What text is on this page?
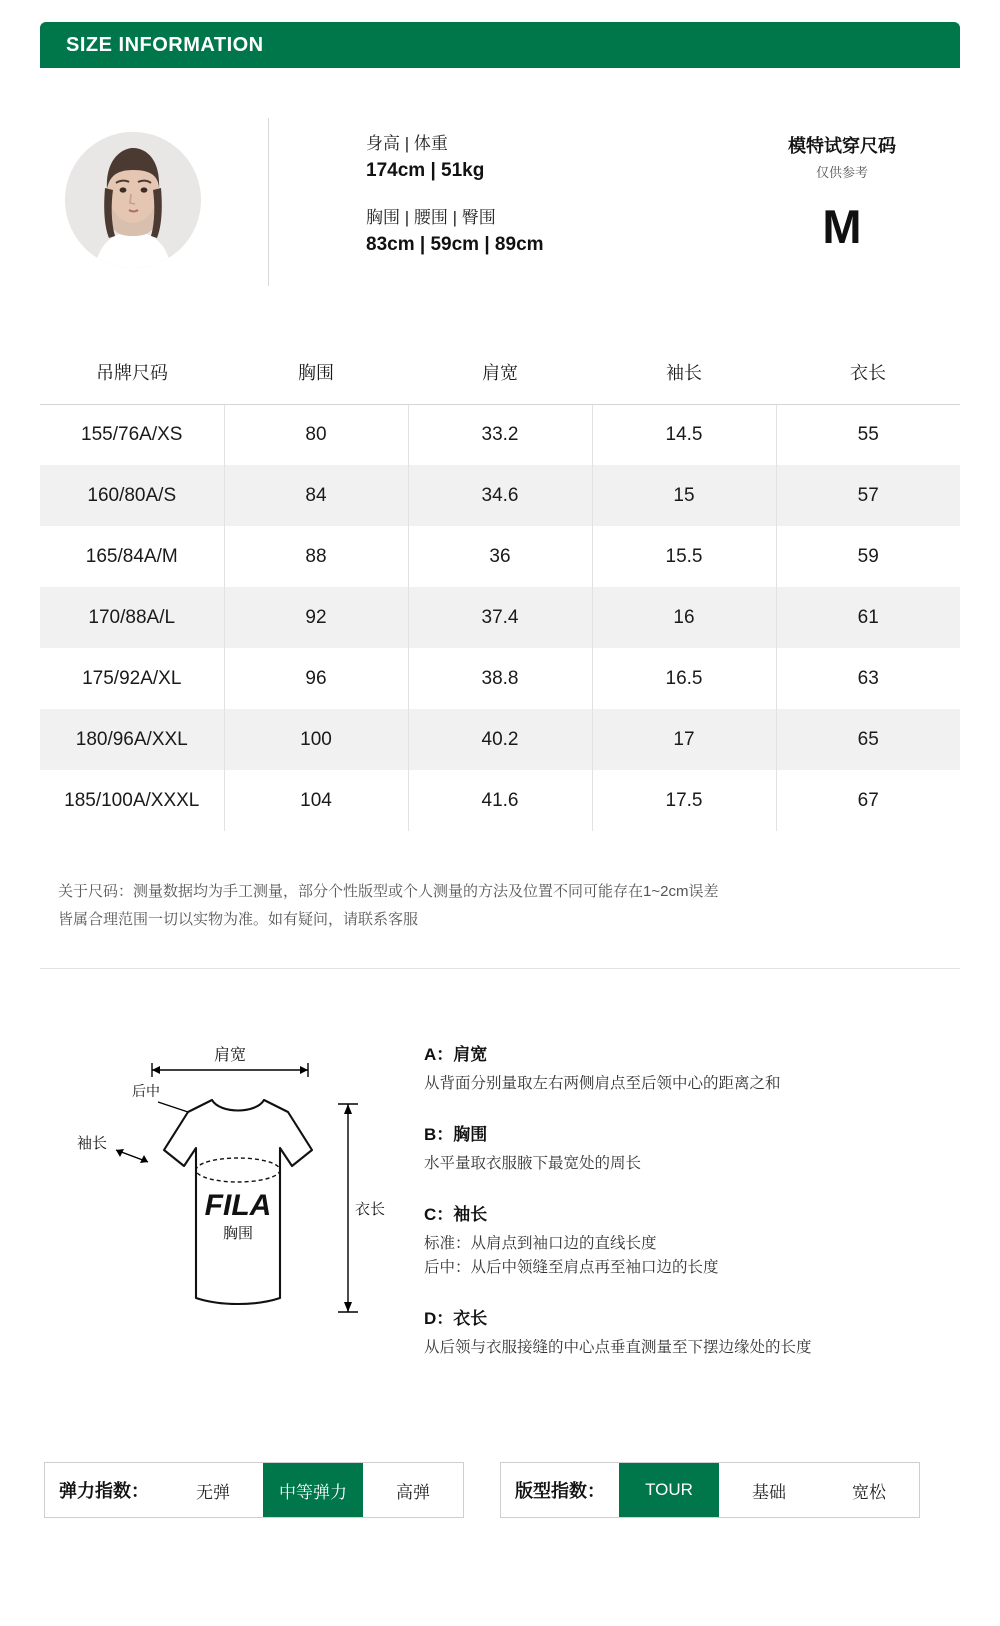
SIZE INFORMATION
身高 | 体重
174cm | 51kg
胸围 | 腰围 | 臀围
83cm | 59cm | 89cm
模特试穿尺码
仅供参考
M
吊牌尺码	胸围	肩宽	袖长	衣长
155/76A/XS	80	33.2	14.5	55
160/80A/S	84	34.6	15	57
165/84A/M	88	36	15.5	59
170/88A/L	92	37.4	16	61
175/92A/XL	96	38.8	16.5	63
180/96A/XXL	100	40.2	17	65
185/100A/XXXL	104	41.6	17.5	67
关于尺码：测量数据均为手工测量，部分个性版型或个人测量的方法及位置不同可能存在1~2cm误差
皆属合理范围一切以实物为准。如有疑问，请联系客服
肩宽
后中
袖长
胸围
FILA	衣长
A：肩宽
从背面分别量取左右两侧肩点至后领中心的距离之和
B：胸围
水平量取衣服腋下最宽处的周长
C：袖长
标准：从肩点到袖口边的直线长度
后中：从后中领缝至肩点再至袖口边的长度
D：衣长
从后领与衣服接缝的中心点垂直测量至下摆边缘处的长度
弹力指数：	无弹	中等弹力	高弹	版型指数：	TOUR	基础	宽松
